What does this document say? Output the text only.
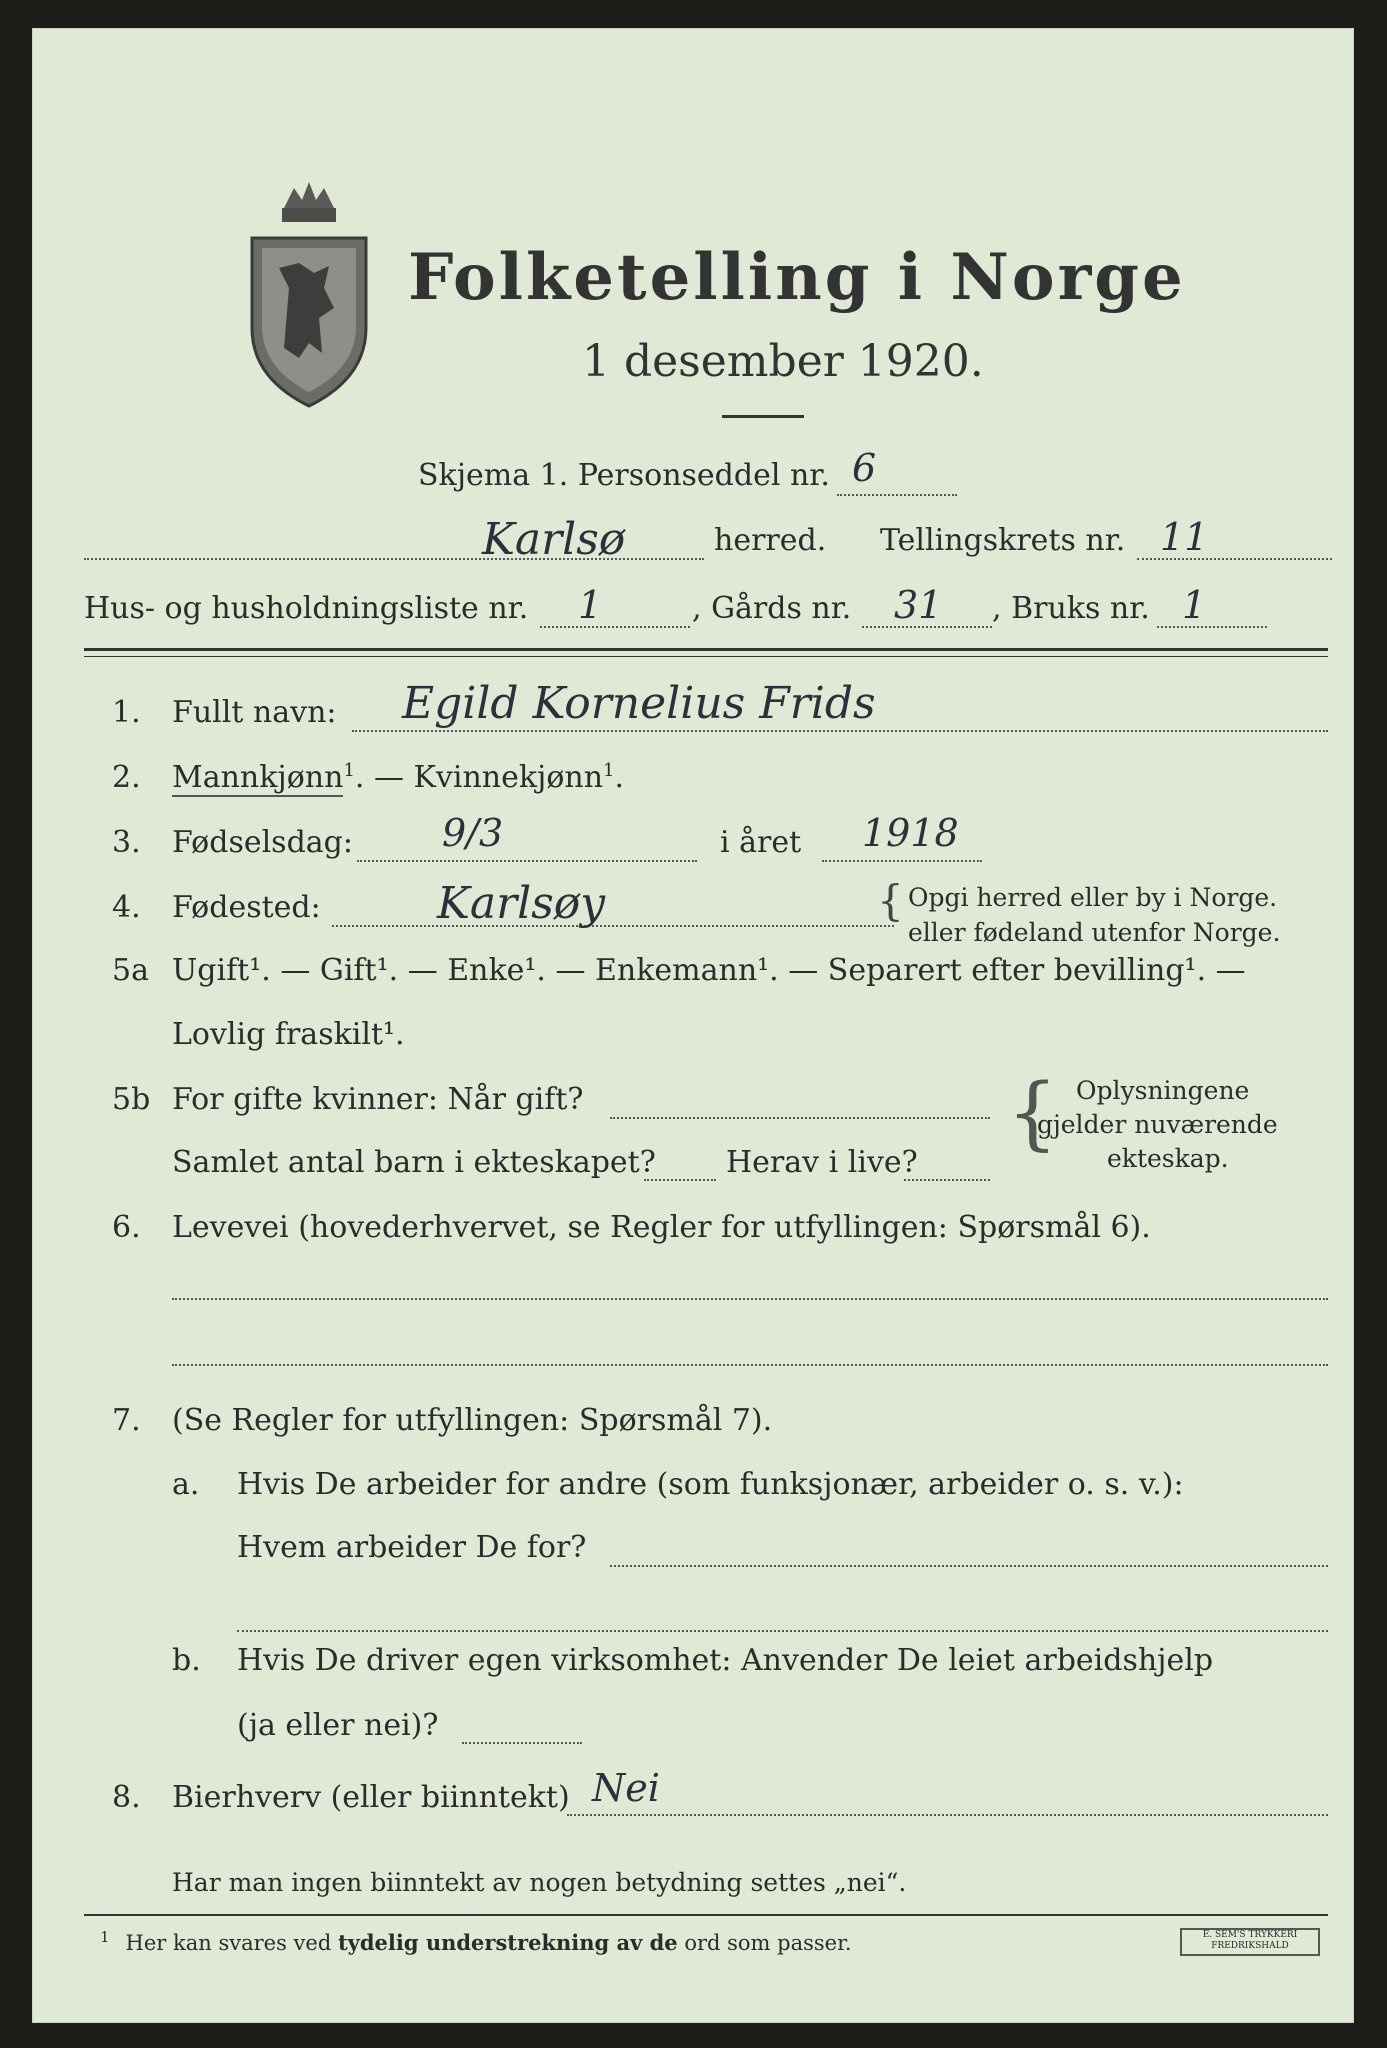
Folketelling i Norge
1 desember 1920.
Skjema 1. Personseddel nr. 6
Karlsø	herred. Tellingskrets nr. 11
Hus- og husholdningsliste nr. 1	, Gårds nr. 31 , Bruks nr. 1
1. Fullt navn: Egild Kornelius Frids
2. Mannkjønn$^1$. — Kvinnekjønn$^1$.
3. Fødselsdag: 9/3	i året 1918
4. Fødested:	Karlsøy	{ Opgi herred eller by i Norge.
eller fødeland utenfor Norge.
5a Ugift¹. — Gift¹. — Enke¹. — Enkemann¹. — Separert efter bevilling¹. —
Lovlig fraskilt¹.
5b For gifte kvinner: Når gift?
Samlet antal barn i ekteskapet? Herav i live?
{ Oplysningene
gjelder nuværende
ekteskap.
6. Levevei (hovederhvervet, se Regler for utfyllingen: Spørsmål 6).
7. (Se Regler for utfyllingen: Spørsmål 7).
a. Hvis De arbeider for andre (som funksjonær, arbeider o. s. v.):
Hvem arbeider De for?
b. Hvis De driver egen virksomhet: Anvender De leiet arbeidshjelp
(ja eller nei)?
8. Bierhverv (eller biinntekt) Nei
Har man ingen biinntekt av nogen betydning settes „nei“.
$^1$ Her kan svares ved tydelig understrekning av de ord som passer.	E. SEM'S TRYKKERI FREDRIKSHALD
